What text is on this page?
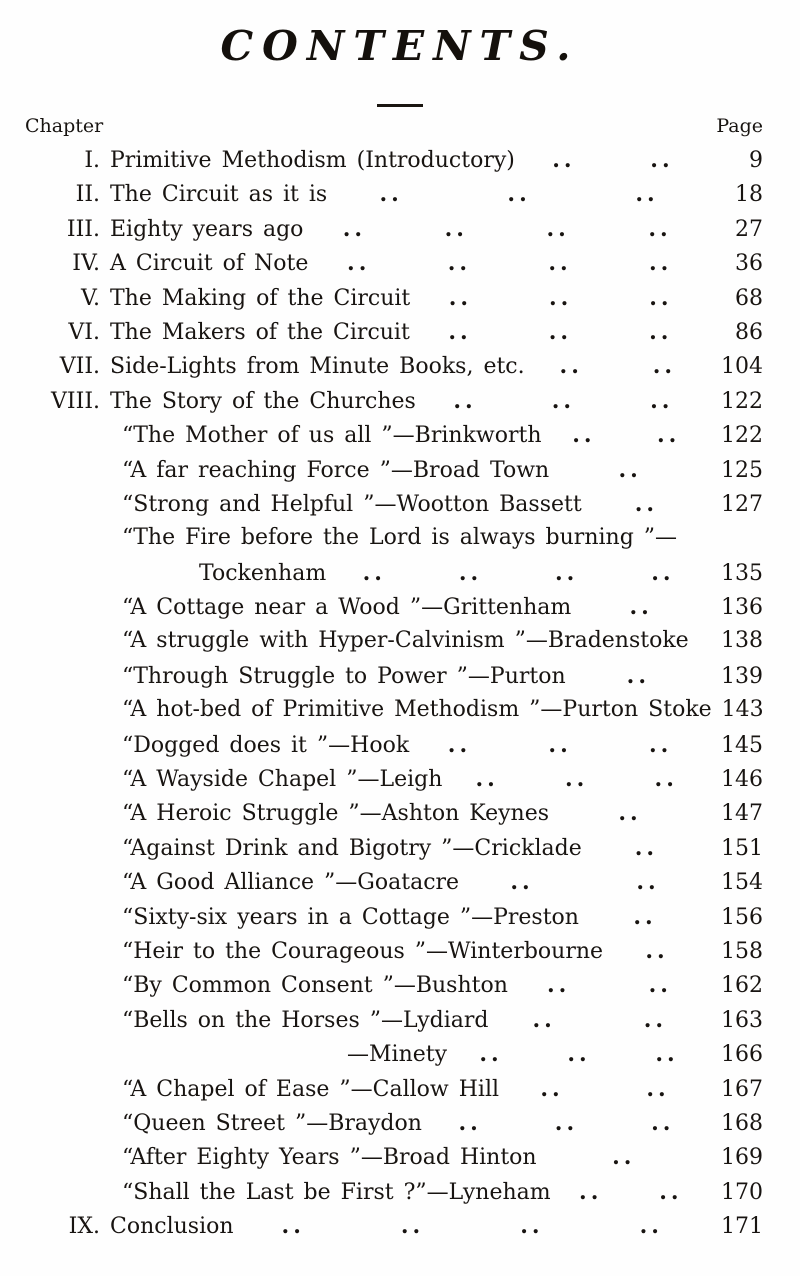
CONTENTS.
Chapter	Page
I. Primitive Methodism (Introductory) ..	..	9
II. The Circuit as it is ..	..	..	18
III. Eighty years ago ..	..	..	..	27
IV. A Circuit of Note ..	..	..	..	36
V. The Making of the Circuit ..	..	..	68
VI. The Makers of the Circuit ..	..	..	86
VII. Side-Lights from Minute Books, etc. ..	..	104
VIII. The Story of the Churches ..	..	..	122
“The Mother of us all ”—Brinkworth ..	..	122
“A far reaching Force ”—Broad Town	..	125
“Strong and Helpful ”—Wootton Bassett ..	127
“The Fire before the Lord is always burning ”—
Tockenham ..	..	..	..	135
“A Cottage near a Wood ”—Grittenham	..	136
“A struggle with Hyper-Calvinism ”—Bradenstoke	138
“Through Struggle to Power ”—Purton	..	139
“A hot-bed of Primitive Methodism ”—Purton Stoke 143
“Dogged does it ”—Hook ..	..	..	145
“A Wayside Chapel ”—Leigh ..	..	..	146
“A Heroic Struggle ”—Ashton Keynes	..	147
“Against Drink and Bigotry ”—Cricklade ..	151
“A Good Alliance ”—Goatacre ..	..	154
“Sixty-six years in a Cottage ”—Preston ..	156
“Heir to the Courageous ”—Winterbourne ..	158
“By Common Consent ”—Bushton ..	..	162
“Bells on the Horses ”—Lydiard ..	..	163
—Minety ..	..	..	166
“A Chapel of Ease ”—Callow Hill ..	..	167
“Queen Street ”—Braydon ..	..	..	168
“After Eighty Years ”—Broad Hinton	..	169
“Shall the Last be First ?”—Lyneham ..	..	170
IX. Conclusion ..	..	..	..	171
